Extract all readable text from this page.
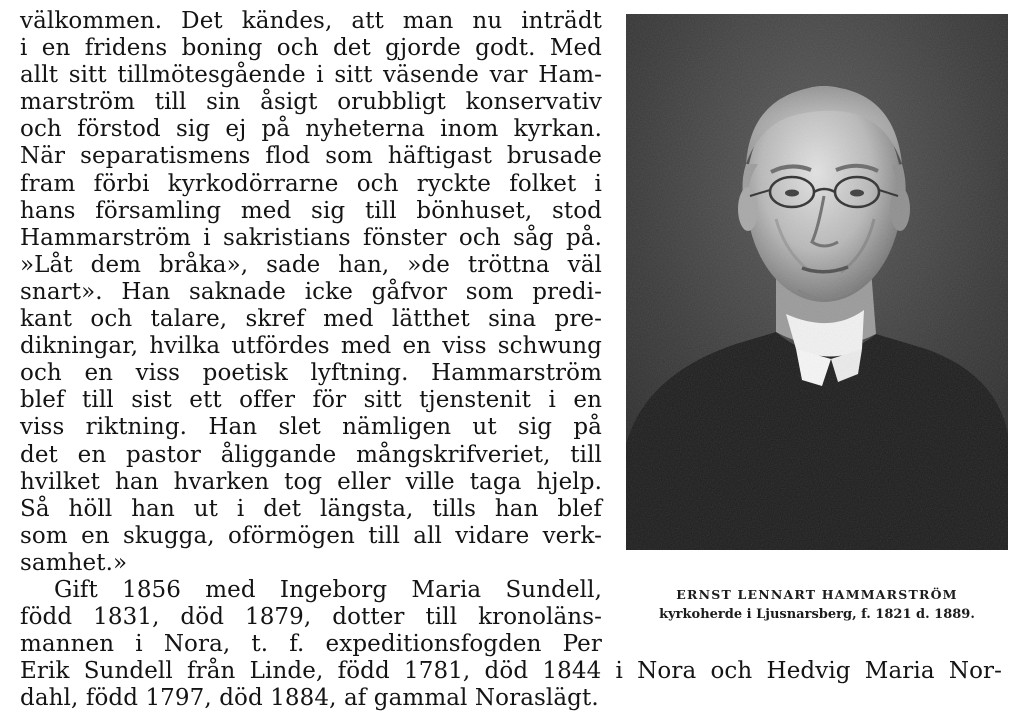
välkommen. Det kändes, att man nu inträdt
i en fridens boning och det gjorde godt. Med
allt sitt tillmötesgående i sitt väsende var Ham-
marström till sin åsigt orubbligt konservativ
och förstod sig ej på nyheterna inom kyrkan.
När separatismens flod som häftigast brusade
fram förbi kyrkodörrarne och ryckte folket i
hans församling med sig till bönhuset, stod
Hammarström i sakristians fönster och såg på.
»Låt dem bråka», sade han, »de tröttna väl
snart». Han saknade icke gåfvor som predi-
kant och talare, skref med lätthet sina pre-
dikningar, hvilka utfördes med en viss schwung
och en viss poetisk lyftning. Hammarström
blef till sist ett offer för sitt tjenstenit i en
viss riktning. Han slet nämligen ut sig på
det en pastor åliggande mångskrifveriet, till
hvilket han hvarken tog eller ville taga hjelp.
Så höll han ut i det längsta, tills han blef
som en skugga, oförmögen till all vidare verk-
samhet.»
Gift 1856 med Ingeborg Maria Sundell,
född 1831, död 1879, dotter till kronoläns-
mannen i Nora, t. f. expeditionsfogden Per
Erik Sundell från Linde, född 1781, död 1844 i Nora och Hedvig Maria Nor-
dahl, född 1797, död 1884, af gammal Noraslägt.
ERNST LENNART HAMMARSTRÖM
kyrkoherde i Ljusnarsberg, f. 1821 d. 1889.
